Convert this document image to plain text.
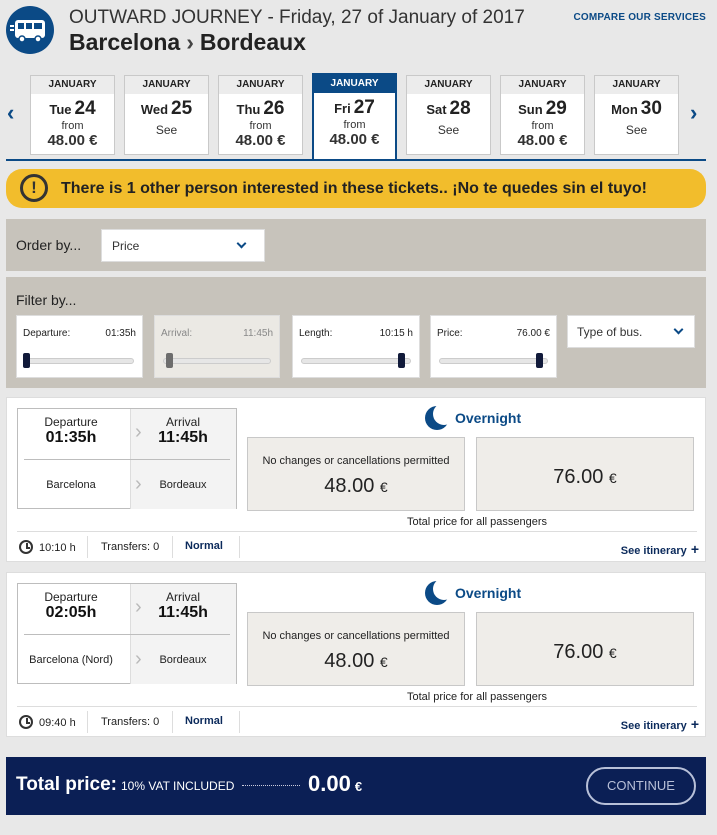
OUTWARD JOURNEY - Friday, 27 of January of 2017
Barcelona › Bordeaux
COMPARE OUR SERVICES
‹	›
JANUARY
Tue 24
from
48.00 €
JANUARY
Wed 25
See
JANUARY
Thu 26
from
48.00 €
JANUARY
Fri 27
from
48.00 €
JANUARY
Sat 28
See
JANUARY
Sun 29
from
48.00 €
JANUARY
Mon 30
See
!	There is 1 other person interested in these tickets.. ¡No te quedes sin el tuyo!
Order by...	Price
Filter by...
Departure:	01:35h	Arrival:	11:45h	Length:	10:15 h Price:	76.00 € Type of bus.
Departure
01:35h
Arrival
11:45h
Barcelona	Bordeaux
›
›
Overnight
No changes or cancellations permitted
48.00 €	76.00 €
Total price for all passengers
10:10 h Transfers: 0 Normal	See itinerary +
Departure
02:05h
Arrival
11:45h
Barcelona (Nord)	Bordeaux
›
›
Overnight
No changes or cancellations permitted
48.00 €	76.00 €
Total price for all passengers
09:40 h Transfers: 0 Normal	See itinerary +
Total price: 10% VAT INCLUDED	0.00 €	CONTINUE
